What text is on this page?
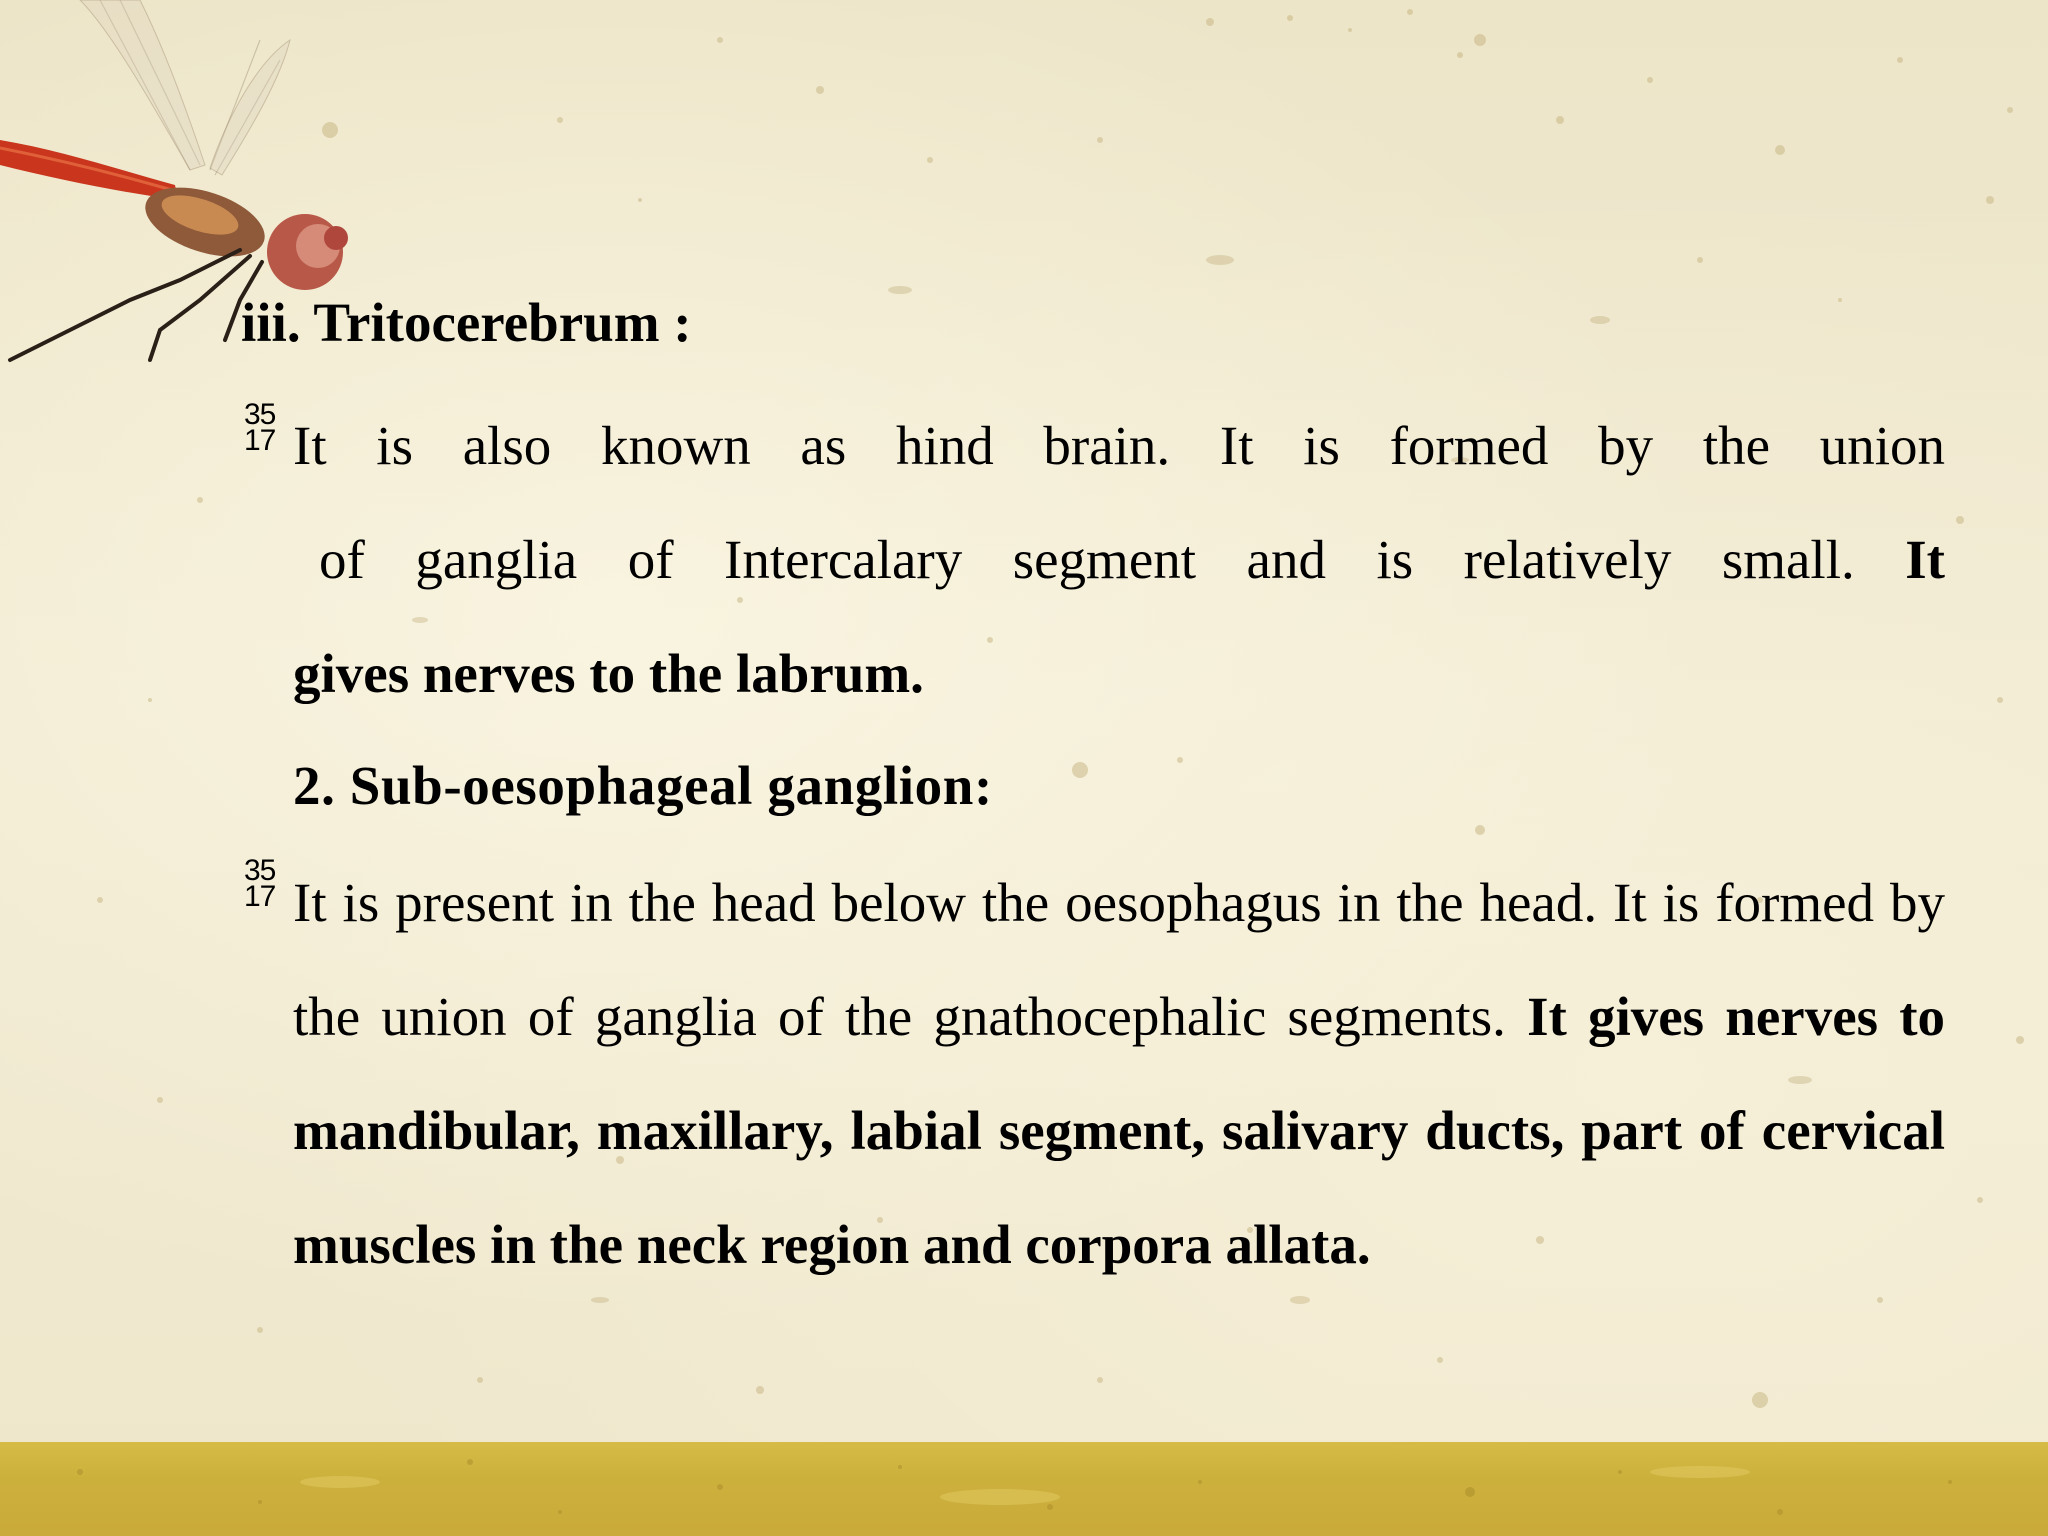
iii. Tritocerebrum :
35
17 It is also known as hind brain. It is formed by the union
of ganglia of Intercalary segment and is relatively small. It
gives nerves to the labrum.
2. Sub-oesophageal ganglion:
35
17 It is present in the head below the oesophagus in the head. It is formed by the union of ganglia of the gnathocephalic segments. It gives nerves to mandibular, maxillary, labial segment, salivary ducts, part of cervical muscles in the neck region and corpora allata.
